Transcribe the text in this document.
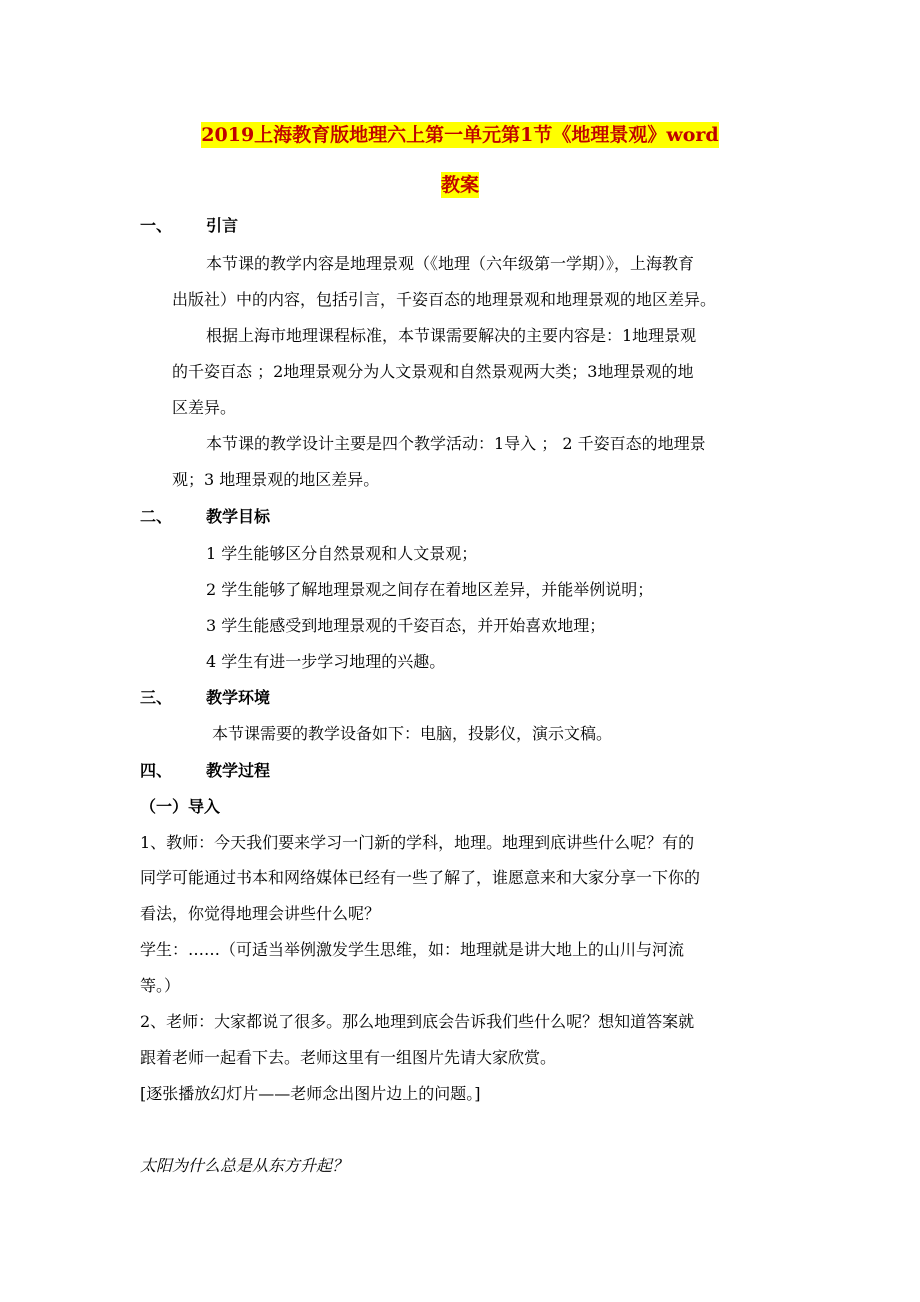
2019上海教育版地理六上第一单元第1节《地理景观》word
教案
一、 引言
本节课的教学内容是地理景观（《地理（六年级第一学期）》，上海教育
出版社）中的内容，包括引言，千姿百态的地理景观和地理景观的地区差异。
根据上海市地理课程标准，本节课需要解决的主要内容是：1地理景观
的千姿百态 ；2地理景观分为人文景观和自然景观两大类；3地理景观的地
区差异。
本节课的教学设计主要是四个教学活动：1导入 ； 2 千姿百态的地理景
观；3 地理景观的地区差异。
二、 教学目标
1 学生能够区分自然景观和人文景观；
2 学生能够了解地理景观之间存在着地区差异，并能举例说明；
3 学生能感受到地理景观的千姿百态，并开始喜欢地理；
4 学生有进一步学习地理的兴趣。
三、 教学环境
本节课需要的教学设备如下：电脑，投影仪，演示文稿。
四、 教学过程
（一）导入
1、教师：今天我们要来学习一门新的学科，地理。地理到底讲些什么呢？有的
同学可能通过书本和网络媒体已经有一些了解了，谁愿意来和大家分享一下你的
看法，你觉得地理会讲些什么呢？
学生：……（可适当举例激发学生思维，如：地理就是讲大地上的山川与河流
等。）
2、老师：大家都说了很多。那么地理到底会告诉我们些什么呢？想知道答案就
跟着老师一起看下去。老师这里有一组图片先请大家欣赏。
[逐张播放幻灯片——老师念出图片边上的问题。]
太阳为什么总是从东方升起？
